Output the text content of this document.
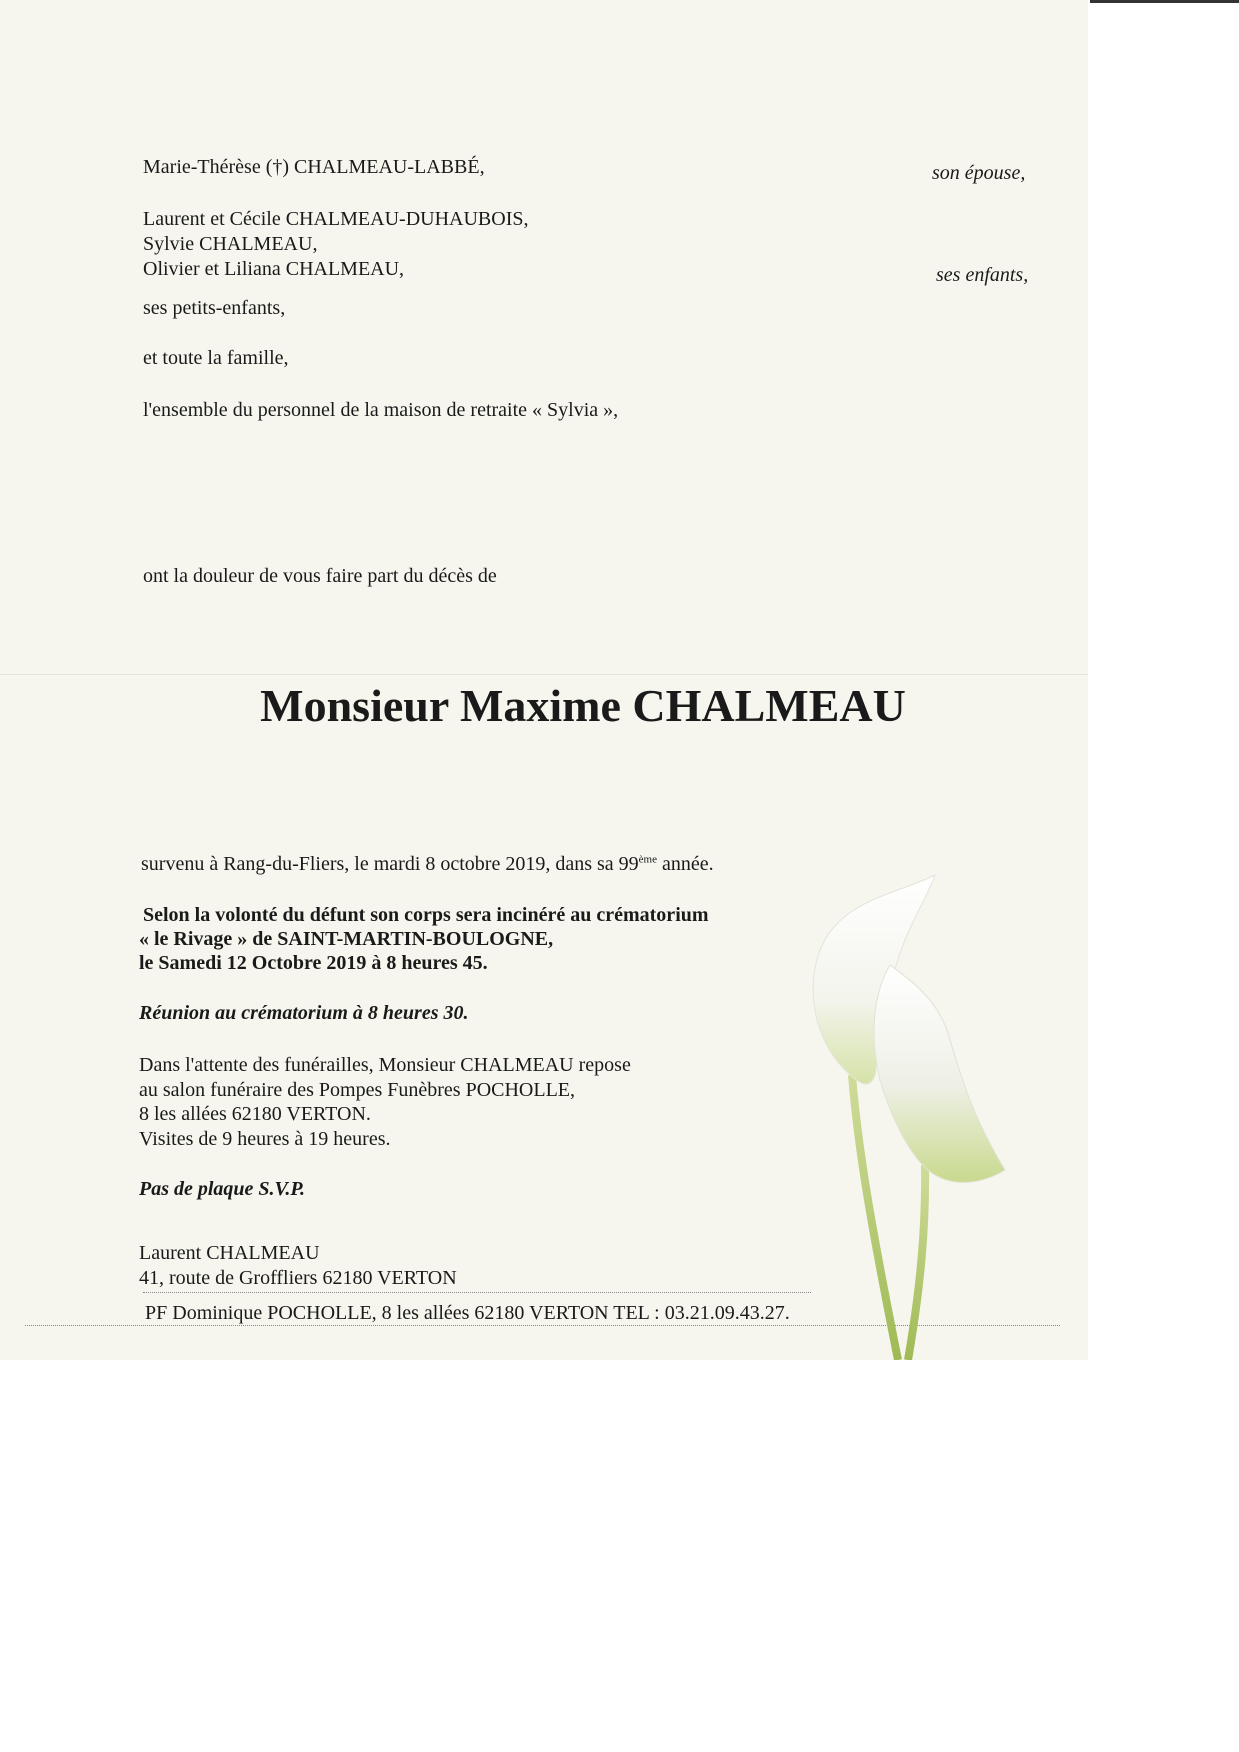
Marie-Thérèse (†) CHALMEAU-LABBÉ,	son épouse,
Laurent et Cécile CHALMEAU-DUHAUBOIS,
Sylvie CHALMEAU,
Olivier et Liliana CHALMEAU,	ses enfants,
ses petits-enfants,
et toute la famille,
l'ensemble du personnel de la maison de retraite « Sylvia »,
ont la douleur de vous faire part du décès de
Monsieur Maxime CHALMEAU
survenu à Rang-du-Fliers, le mardi 8 octobre 2019, dans sa 99ème année.
Selon la volonté du défunt son corps sera incinéré au crématorium
« le Rivage » de SAINT-MARTIN-BOULOGNE,
le Samedi 12 Octobre 2019 à 8 heures 45.
Réunion au crématorium à 8 heures 30.
Dans l'attente des funérailles, Monsieur CHALMEAU repose
au salon funéraire des Pompes Funèbres POCHOLLE,
8 les allées 62180 VERTON.
Visites de 9 heures à 19 heures.
Pas de plaque S.V.P.
Laurent CHALMEAU
41, route de Groffliers 62180 VERTON
PF Dominique POCHOLLE, 8 les allées 62180 VERTON TEL : 03.21.09.43.27.
